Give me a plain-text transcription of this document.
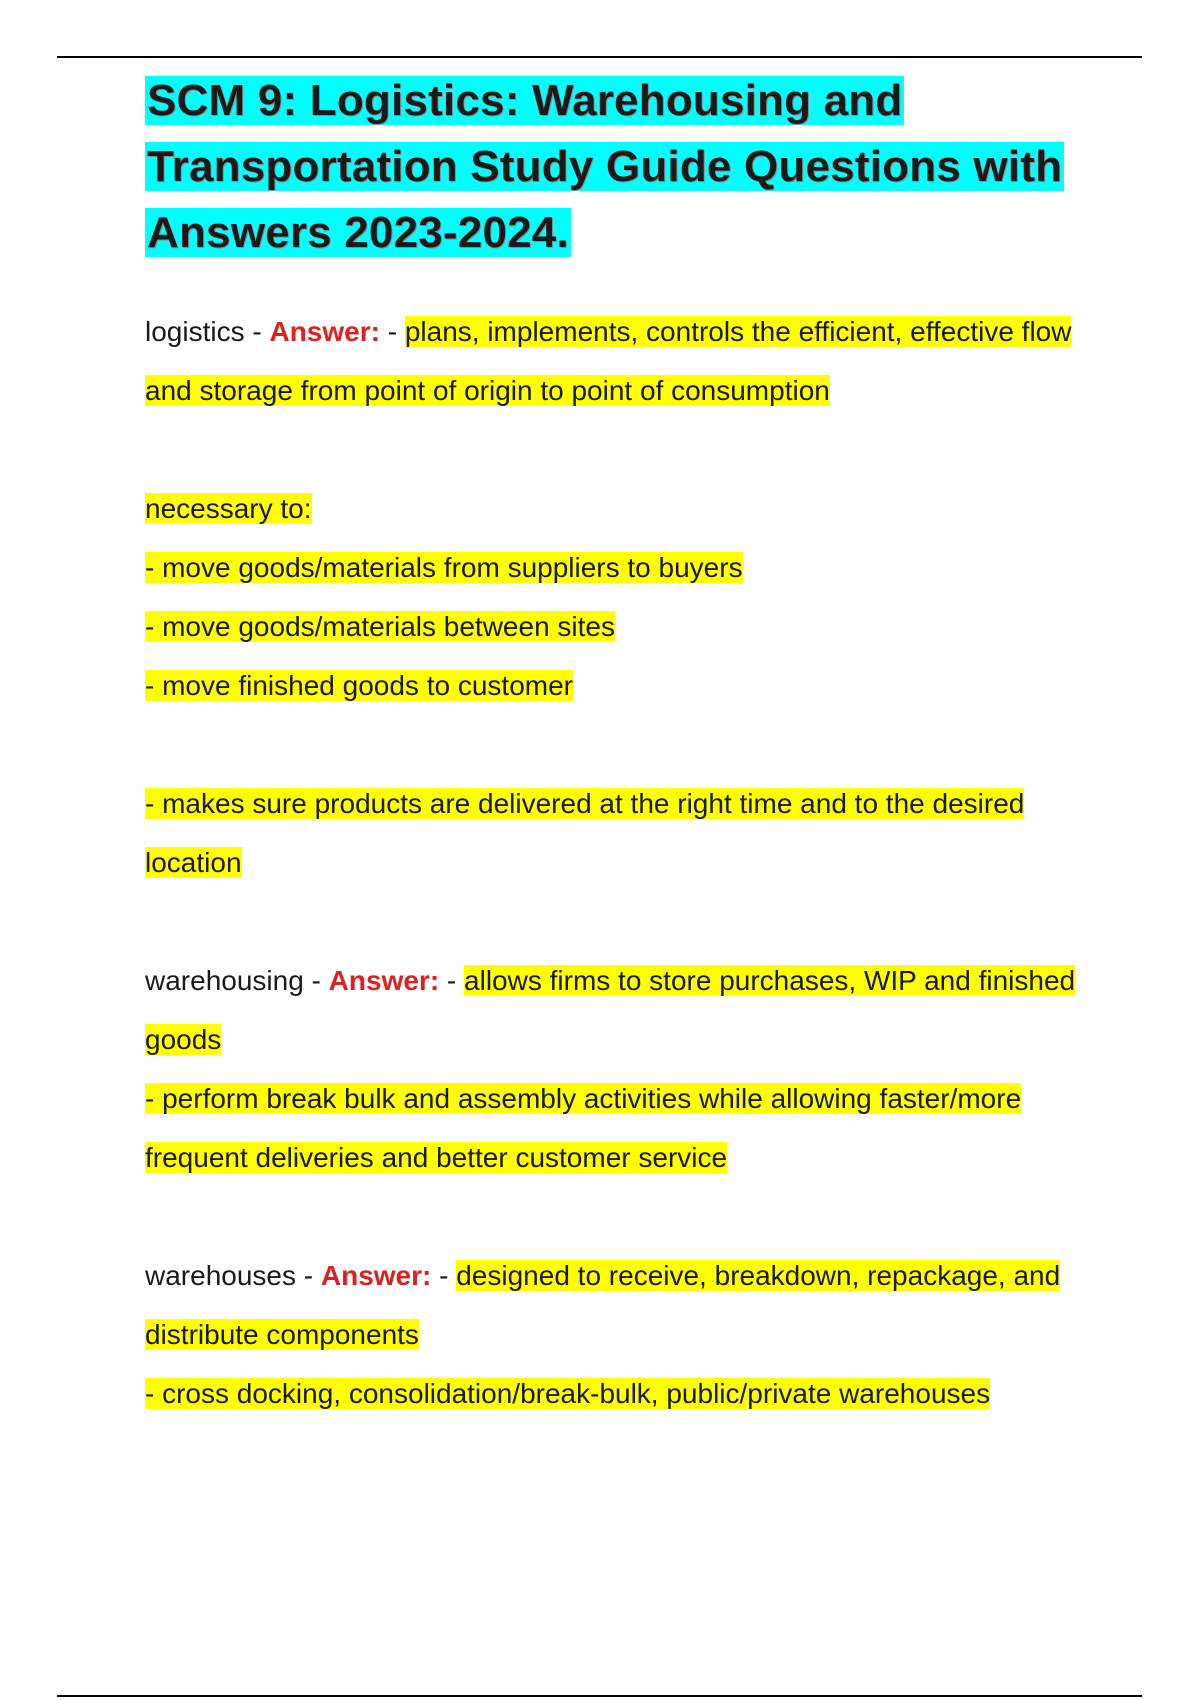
SCM 9: Logistics: Warehousing and Transportation Study Guide Questions with Answers 2023-2024.

logistics - Answer: - plans, implements, controls the efficient, effective flow and storage from point of origin to point of consumption

necessary to:

- move goods/materials from suppliers to buyers

- move goods/materials between sites

- move finished goods to customer

- makes sure products are delivered at the right time and to the desired location

warehousing - Answer: - allows firms to store purchases, WIP and finished goods

- perform break bulk and assembly activities while allowing faster/more frequent deliveries and better customer service

warehouses - Answer: - designed to receive, breakdown, repackage, and distribute components

- cross docking, consolidation/break-bulk, public/private warehouses
